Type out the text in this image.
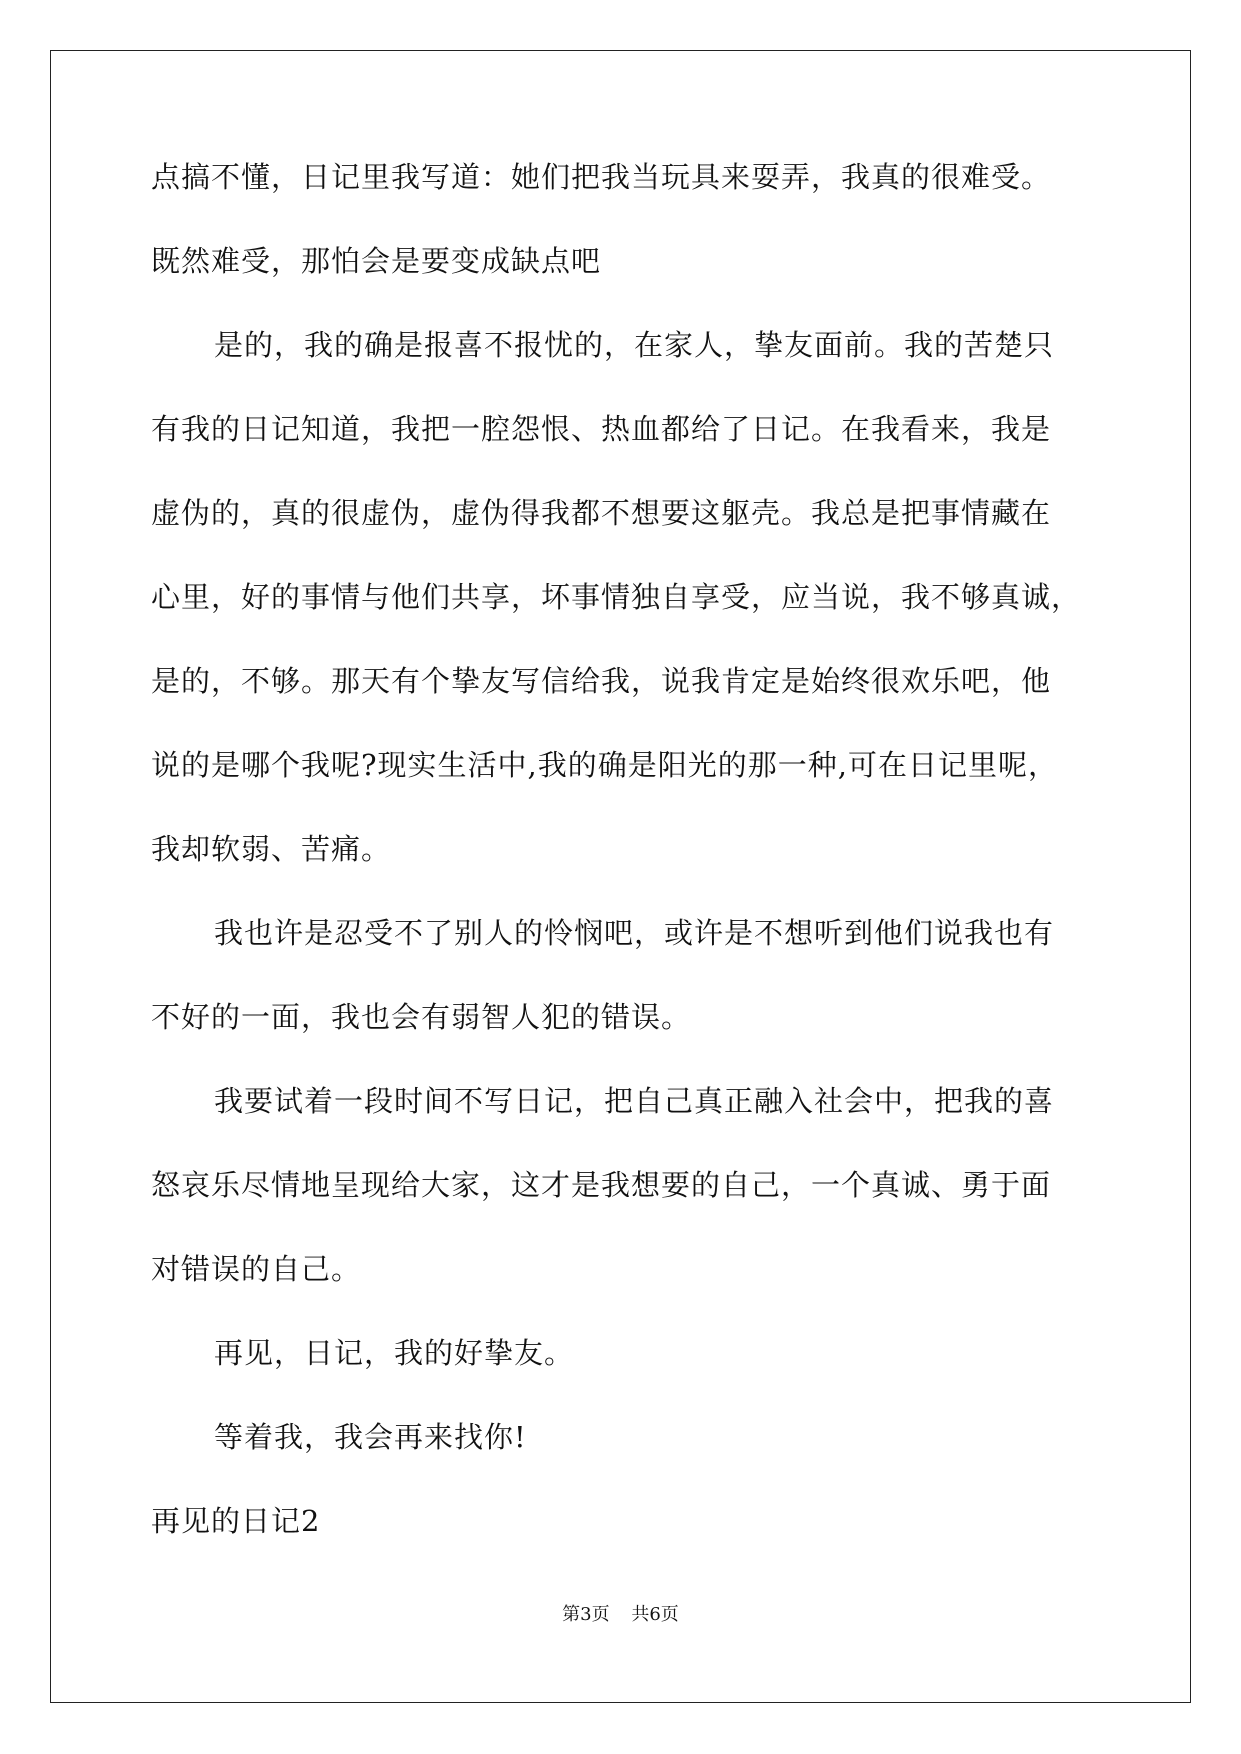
点搞不懂，日记里我写道：她们把我当玩具来耍弄，我真的很难受。
既然难受，那怕会是要变成缺点吧
是的，我的确是报喜不报忧的，在家人，挚友面前。我的苦楚只
有我的日记知道，我把一腔怨恨、热血都给了日记。在我看来，我是
虚伪的，真的很虚伪，虚伪得我都不想要这躯壳。我总是把事情藏在
心里，好的事情与他们共享，坏事情独自享受，应当说，我不够真诚，
是的，不够。那天有个挚友写信给我，说我肯定是始终很欢乐吧，他
说的是哪个我呢?现实生活中,我的确是阳光的那一种,可在日记里呢，
我却软弱、苦痛。
我也许是忍受不了别人的怜悯吧，或许是不想听到他们说我也有
不好的一面，我也会有弱智人犯的错误。
我要试着一段时间不写日记，把自己真正融入社会中，把我的喜
怒哀乐尽情地呈现给大家，这才是我想要的自己，一个真诚、勇于面
对错误的自己。
再见，日记，我的好挚友。
等着我，我会再来找你!
再见的日记2
第3页 共6页
